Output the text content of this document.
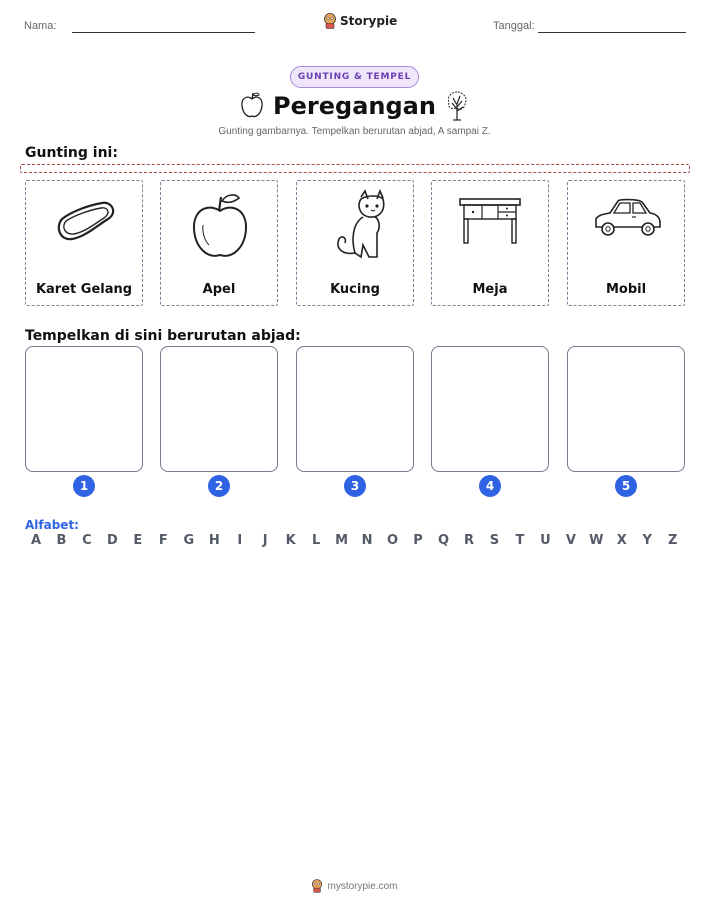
Nama:	Storypie	Tanggal:
GUNTING & TEMPEL
Peregangan
Gunting gambarnya. Tempelkan berurutan abjad, A sampai Z.
Gunting ini:
Karet Gelang	Apel	Kucing	Meja	Mobil
Tempelkan di sini berurutan abjad:
1	2	3	4	5
Alfabet:
A	B	C	D	E	F	G	H	I	J	K	L	M	N	O	P	Q	R	S	T	U	V	W	X	Y	Z
mystorypie.com
